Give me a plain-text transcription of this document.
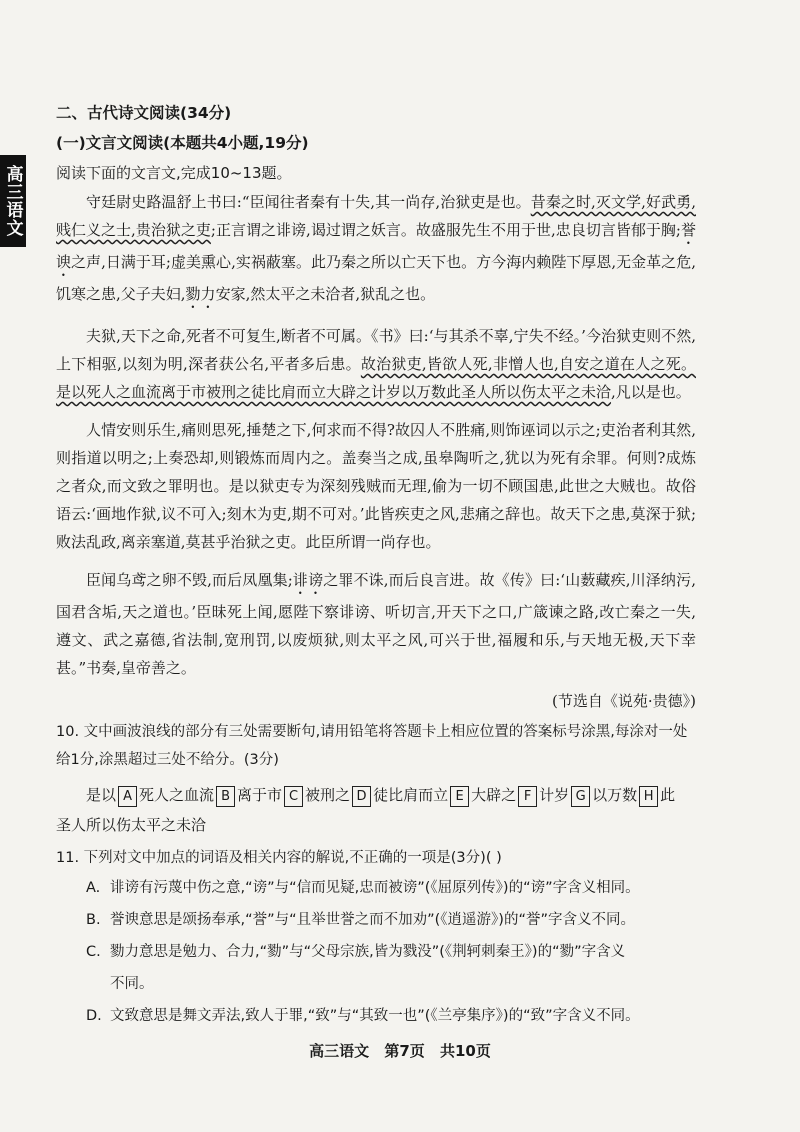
高三语文
二、古代诗文阅读(34分)
(一)文言文阅读(本题共4小题,19分)
阅读下面的文言文,完成10~13题。

守廷尉史路温舒上书曰:“臣闻往者秦有十失,其一尚存,治狱吏是也。昔秦之时,灭文学,好武勇,贱仁义之士,贵治狱之吏;正言谓之诽谤,谒过谓之妖言。故盛服先生不用于世,忠良切言皆郁于胸;誉谀之声,日满于耳;虚美熏心,实祸蔽塞。此乃秦之所以亡天下也。方今海内赖陛下厚恩,无金革之危,饥寒之患,父子夫妇,勠力安家,然太平之未洽者,狱乱之也。

夫狱,天下之命,死者不可复生,断者不可属。《书》曰:‘与其杀不辜,宁失不经。’今治狱吏则不然,上下相驱,以刻为明,深者获公名,平者多后患。故治狱吏,皆欲人死,非憎人也,自安之道在人之死。是以死人之血流离于市被刑之徒比肩而立大辟之计岁以万数此圣人所以伤太平之未洽,凡以是也。

人情安则乐生,痛则思死,捶楚之下,何求而不得?故囚人不胜痛,则饰诬词以示之;吏治者利其然,则指道以明之;上奏恐却,则锻炼而周内之。盖奏当之成,虽皋陶听之,犹以为死有余罪。何则?成炼之者众,而文致之罪明也。是以狱吏专为深刻残贼而无理,偷为一切不顾国患,此世之大贼也。故俗语云:‘画地作狱,议不可入;刻木为吏,期不可对。’此皆疾吏之风,悲痛之辞也。故天下之患,莫深于狱;败法乱政,离亲塞道,莫甚乎治狱之吏。此臣所谓一尚存也。

臣闻乌鸢之卵不毁,而后凤凰集;诽谤之罪不诛,而后良言进。故《传》曰:‘山薮藏疾,川泽纳污,国君含垢,天之道也。’臣昧死上闻,愿陛下察诽谤、听切言,开天下之口,广箴谏之路,改亡秦之一失,遵文、武之嘉德,省法制,宽刑罚,以废烦狱,则太平之风,可兴于世,福履和乐,与天地无极,天下幸甚。”书奏,皇帝善之。

(节选自《说苑·贵德》)
10. 文中画波浪线的部分有三处需要断句,请用铅笔将答题卡上相应位置的答案标号涂黑,每涂对一处给1分,涂黑超过三处不给分。(3分)
是以 A 死人之血流 B 离于市 C 被刑之 D 徒比肩而立 E 大辟之 F 计岁 G 以万数 H 此
圣人所以伤太平之未洽
11. 下列对文中加点的词语及相关内容的解说,不正确的一项是(3分)( )
A. 诽谤有污蔑中伤之意,“谤”与“信而见疑,忠而被谤”(《屈原列传》)的“谤”字含义相同。
B. 誉谀意思是颂扬奉承,“誉”与“且举世誉之而不加劝”(《逍遥游》)的“誉”字含义不同。
C. 勠力意思是勉力、合力,“勠”与“父母宗族,皆为戮没”(《荆轲刺秦王》)的“勠”字含义
不同。
D. 文致意思是舞文弄法,致人于罪,“致”与“其致一也”(《兰亭集序》)的“致”字含义不同。
高三语文 第7页 共10页
